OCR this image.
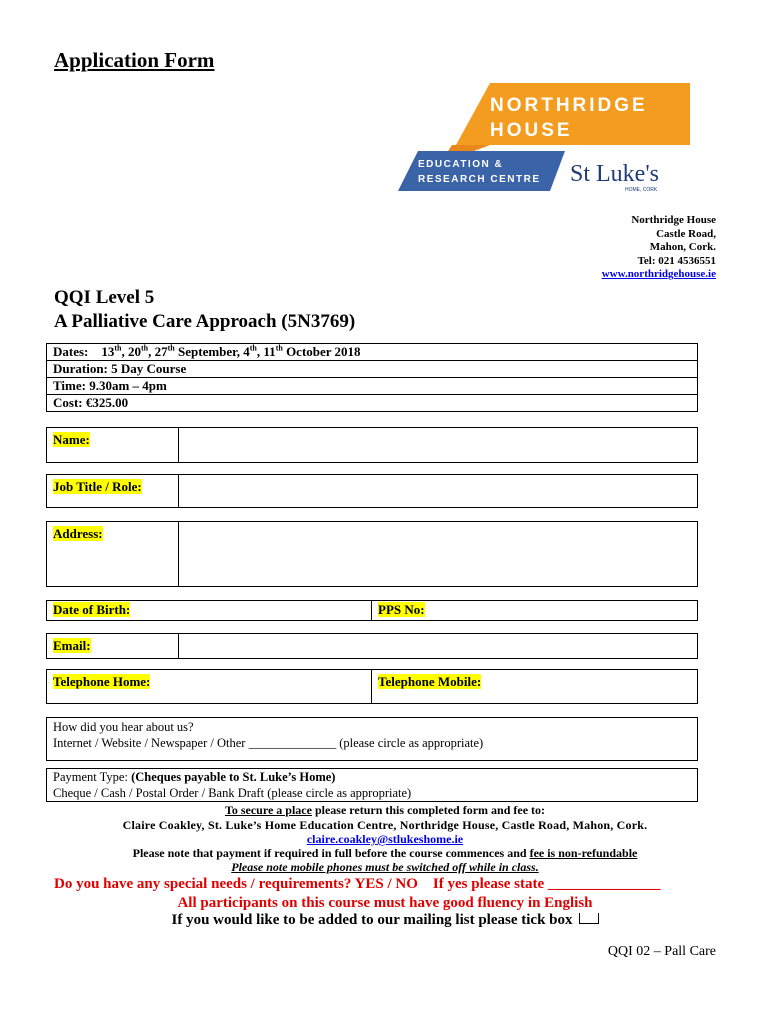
Application Form
NORTHRIDGE
HOUSE
EDUCATION &
RESEARCH CENTRE St Luke's
HOME, CORK
Northridge House
Castle Road,
Mahon, Cork.
Tel: 021 4536551
www.northridgehouse.ie
QQI Level 5
A Palliative Care Approach (5N3769)
Dates: 13th, 20th, 27th September, 4th, 11th October 2018
Duration: 5 Day Course
Time: 9.30am – 4pm
Cost: €325.00
Name:
Job Title / Role:
Address:
Date of Birth:	PPS No:
Email:
Telephone Home:	Telephone Mobile:
How did you hear about us?
Internet / Website / Newspaper / Other ______________ (please circle as appropriate)
Payment Type: (Cheques payable to St. Luke’s Home)
Cheque / Cash / Postal Order / Bank Draft (please circle as appropriate)
To secure a place please return this completed form and fee to:
Claire Coakley, St. Luke’s Home Education Centre, Northridge House, Castle Road, Mahon, Cork.
claire.coakley@stlukeshome.ie
Please note that payment if required in full before the course commences and fee is non-refundable
Please note mobile phones must be switched off while in class.
Do you have any special needs / requirements? YES / NO    If yes please state _______________
All participants on this course must have good fluency in English
If you would like to be added to our mailing list please tick box
QQI 02 – Pall Care
